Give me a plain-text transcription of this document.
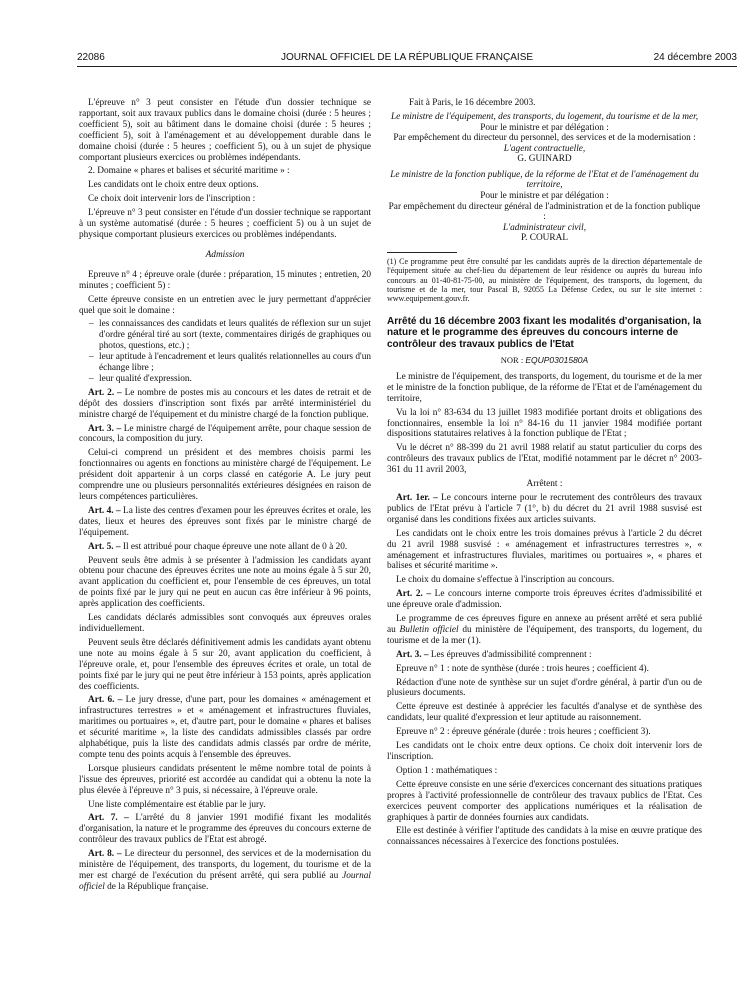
22086	JOURNAL OFFICIEL DE LA RÉPUBLIQUE FRANÇAISE	24 décembre 2003

L'épreuve n° 3 peut consister en l'étude d'un dossier technique se rapportant, soit aux travaux publics dans le domaine choisi (durée : 5 heures ; coefficient 5), soit au bâtiment dans le domaine choisi (durée : 5 heures ; coefficient 5), soit à l'aménagement et au développement durable dans le domaine choisi (durée : 5 heures ; coefficient 5), ou à un sujet de physique comportant plusieurs exercices ou problèmes indépendants.

2. Domaine « phares et balises et sécurité maritime » :

Les candidats ont le choix entre deux options.

Ce choix doit intervenir lors de l'inscription :

L'épreuve n° 3 peut consister en l'étude d'un dossier technique se rapportant à un système automatisé (durée : 5 heures ; coefficient 5) ou à un sujet de physique comportant plusieurs exercices ou problèmes indépendants.

Admission

Epreuve n° 4 ; épreuve orale (durée : préparation, 15 minutes ; entretien, 20 minutes ; coefficient 5) :

Cette épreuve consiste en un entretien avec le jury permettant d'apprécier quel que soit le domaine :

– les connaissances des candidats et leurs qualités de réflexion sur un sujet d'ordre général tiré au sort (texte, commentaires dirigés de graphiques ou photos, questions, etc.) ;
– leur aptitude à l'encadrement et leurs qualités relationnelles au cours d'un échange libre ;
– leur qualité d'expression.

Art. 2. – Le nombre de postes mis au concours et les dates de retrait et de dépôt des dossiers d'inscription sont fixés par arrêté interministériel du ministre chargé de l'équipement et du ministre chargé de la fonction publique.

Art. 3. – Le ministre chargé de l'équipement arrête, pour chaque session de concours, la composition du jury.

Celui-ci comprend un président et des membres choisis parmi les fonctionnaires ou agents en fonctions au ministère chargé de l'équipement. Le président doit appartenir à un corps classé en catégorie A. Le jury peut comprendre une ou plusieurs personnalités extérieures désignées en raison de leurs compétences particulières.

Art. 4. – La liste des centres d'examen pour les épreuves écrites et orale, les dates, lieux et heures des épreuves sont fixés par le ministre chargé de l'équipement.

Art. 5. – Il est attribué pour chaque épreuve une note allant de 0 à 20.

Peuvent seuls être admis à se présenter à l'admission les candidats ayant obtenu pour chacune des épreuves écrites une note au moins égale à 5 sur 20, avant application du coefficient et, pour l'ensemble de ces épreuves, un total de points fixé par le jury qui ne peut en aucun cas être inférieur à 96 points, après application des coefficients.

Les candidats déclarés admissibles sont convoqués aux épreuves orales individuellement.

Peuvent seuls être déclarés définitivement admis les candidats ayant obtenu une note au moins égale à 5 sur 20, avant application du coefficient, à l'épreuve orale, et, pour l'ensemble des épreuves écrites et orale, un total de points fixé par le jury qui ne peut être inférieur à 153 points, après application des coefficients.

Art. 6. – Le jury dresse, d'une part, pour les domaines « aménagement et infrastructures terrestres » et « aménagement et infrastructures fluviales, maritimes ou portuaires », et, d'autre part, pour le domaine « phares et balises et sécurité maritime », la liste des candidats admissibles classés par ordre alphabétique, puis la liste des candidats admis classés par ordre de mérite, compte tenu des points acquis à l'ensemble des épreuves.

Lorsque plusieurs candidats présentent le même nombre total de points à l'issue des épreuves, priorité est accordée au candidat qui a obtenu la note la plus élevée à l'épreuve n° 3 puis, si nécessaire, à l'épreuve orale.

Une liste complémentaire est établie par le jury.

Art. 7. – L'arrêté du 8 janvier 1991 modifié fixant les modalités d'organisation, la nature et le programme des épreuves du concours externe de contrôleur des travaux publics de l'Etat est abrogé.

Art. 8. – Le directeur du personnel, des services et de la modernisation du ministère de l'équipement, des transports, du logement, du tourisme et de la mer est chargé de l'exécution du présent arrêté, qui sera publié au Journal officiel de la République française.

Fait à Paris, le 16 décembre 2003.

Le ministre de l'équipement, des transports, du logement, du tourisme et de la mer,
Pour le ministre et par délégation :
Par empêchement du directeur du personnel, des services et de la modernisation :
L'agent contractuelle,
G. GUINARD
Le ministre de la fonction publique, de la réforme de l'Etat et de l'aménagement du territoire,
Pour le ministre et par délégation :
Par empêchement du directeur général de l'administration et de la fonction publique :
L'administrateur civil,
P. COURAL
(1) Ce programme peut être consulté par les candidats auprès de la direction départementale de l'équipement située au chef-lieu du département de leur résidence ou auprès du bureau info concours au 01-40-81-75-00, au ministère de l'équipement, des transports, du logement, du tourisme et de la mer, tour Pascal B, 92055 La Défense Cedex, ou sur le site internet : www.equipement.gouv.fr.
Arrêté du 16 décembre 2003 fixant les modalités d'organisation, la nature et le programme des épreuves du concours interne de contrôleur des travaux publics de l'Etat
NOR : EQUP0301580A

Le ministre de l'équipement, des transports, du logement, du tourisme et de la mer et le ministre de la fonction publique, de la réforme de l'Etat et de l'aménagement du territoire,

Vu la loi n° 83-634 du 13 juillet 1983 modifiée portant droits et obligations des fonctionnaires, ensemble la loi n° 84-16 du 11 janvier 1984 modifiée portant dispositions statutaires relatives à la fonction publique de l'Etat ;

Vu le décret n° 88-399 du 21 avril 1988 relatif au statut particulier du corps des contrôleurs des travaux publics de l'Etat, modifié notamment par le décret n° 2003-361 du 11 avril 2003,

Arrêtent :

Art. 1er. – Le concours interne pour le recrutement des contrôleurs des travaux publics de l'Etat prévu à l'article 7 (1°, b) du décret du 21 avril 1988 susvisé est organisé dans les conditions fixées aux articles suivants.

Les candidats ont le choix entre les trois domaines prévus à l'article 2 du décret du 21 avril 1988 susvisé : « aménagement et infrastructures terrestres », « aménagement et infrastructures fluviales, maritimes ou portuaires », « phares et balises et sécurité maritime ».

Le choix du domaine s'effectue à l'inscription au concours.

Art. 2. – Le concours interne comporte trois épreuves écrites d'admissibilité et une épreuve orale d'admission.

Le programme de ces épreuves figure en annexe au présent arrêté et sera publié au Bulletin officiel du ministère de l'équipement, des transports, du logement, du tourisme et de la mer (1).

Art. 3. – Les épreuves d'admissibilité comprennent :

Epreuve n° 1 : note de synthèse (durée : trois heures ; coefficient 4).

Rédaction d'une note de synthèse sur un sujet d'ordre général, à partir d'un ou de plusieurs documents.

Cette épreuve est destinée à apprécier les facultés d'analyse et de synthèse des candidats, leur qualité d'expression et leur aptitude au raisonnement.

Epreuve n° 2 : épreuve générale (durée : trois heures ; coefficient 3).

Les candidats ont le choix entre deux options. Ce choix doit intervenir lors de l'inscription.

Option 1 : mathématiques :

Cette épreuve consiste en une série d'exercices concernant des situations pratiques propres à l'activité professionnelle de contrôleur des travaux publics de l'Etat. Ces exercices peuvent comporter des applications numériques et la réalisation de graphiques à partir de données fournies aux candidats.

Elle est destinée à vérifier l'aptitude des candidats à la mise en œuvre pratique des connaissances nécessaires à l'exercice des fonctions postulées.
